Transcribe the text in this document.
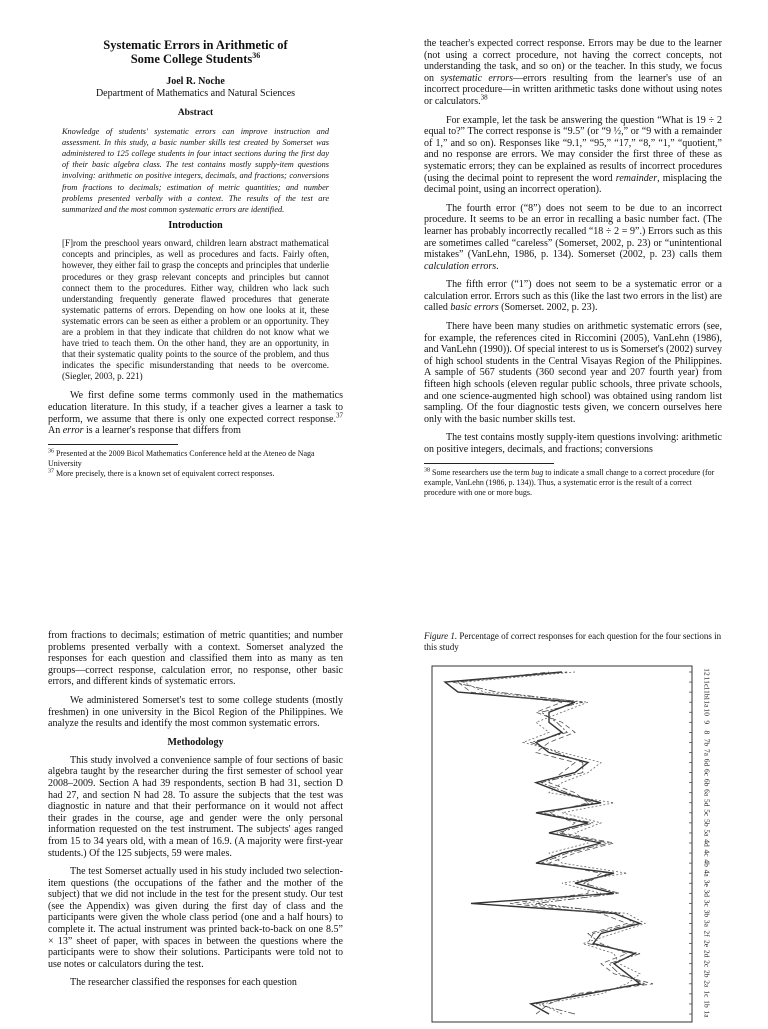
Systematic Errors in Arithmetic of
Some College Students$^{36}$
Joel R. Noche
Department of Mathematics and Natural Sciences
Abstract
Knowledge of students' systematic errors can improve instruction and assessment. In this study, a basic number skills test created by Somerset was administered to 125 college students in four intact sections during the first day of their basic algebra class. The test contains mostly supply-item questions involving: arithmetic on positive integers, decimals, and fractions; conversions from fractions to decimals; estimation of metric quantities; and number problems presented verbally with a context. The results of the test are summarized and the most common systematic errors are identified.
Introduction
[F]rom the preschool years onward, children learn abstract mathematical concepts and principles, as well as procedures and facts. Fairly often, however, they either fail to grasp the concepts and principles that underlie procedures or they grasp relevant concepts and principles but cannot connect them to the procedures. Either way, children who lack such understanding frequently generate flawed procedures that generate systematic patterns of errors. Depending on how one looks at it, these systematic errors can be seen as either a problem or an opportunity. They are a problem in that they indicate that children do not know what we have tried to teach them. On the other hand, they are an opportunity, in that their systematic quality points to the source of the problem, and thus indicates the specific misunderstanding that needs to be overcome. (Siegler, 2003, p. 221)

We first define some terms commonly used in the mathematics education literature. In this study, if a teacher gives a learner a task to perform, we assume that there is only one expected correct response.$^{37}$ An error is a learner's response that differs from

$^{36}$ Presented at the 2009 Bicol Mathematics Conference held at the Ateneo de Naga University
$^{37}$ More precisely, there is a known set of equivalent correct responses.

the teacher's expected correct response. Errors may be due to the learner (not using a correct procedure, not having the correct concepts, not understanding the task, and so on) or the teacher. In this study, we focus on systematic errors—errors resulting from the learner's use of an incorrect procedure—in written arithmetic tasks done without using notes or calculators.$^{38}$

For example, let the task be answering the question “What is 19 ÷ 2 equal to?” The correct response is “9.5” (or “9 ½,” or “9 with a remainder of 1,” and so on). Responses like “9.1,” “95,” “17,” “8,” “1,” “quotient,” and no response are errors. We may consider the first three of these as systematic errors; they can be explained as results of incorrect procedures (using the decimal point to represent the word remainder, misplacing the decimal point, using an incorrect operation).

The fourth error (“8”) does not seem to be due to an incorrect procedure. It seems to be an error in recalling a basic number fact. (The learner has probably incorrectly recalled “18 ÷ 2 = 9”.) Errors such as this are sometimes called “careless” (Somerset, 2002, p. 23) or “unintentional mistakes” (VanLehn, 1986, p. 134). Somerset (2002, p. 23) calls them calculation errors.

The fifth error (“1”) does not seem to be a systematic error or a calculation error. Errors such as this (like the last two errors in the list) are called basic errors (Somerset. 2002, p. 23).

There have been many studies on arithmetic systematic errors (see, for example, the references cited in Riccomini (2005), VanLehn (1986), and VanLehn (1990)). Of special interest to us is Somerset's (2002) survey of high school students in the Central Visayas Region of the Philippines. A sample of 567 students (360 second year and 207 fourth year) from fifteen high schools (eleven regular public schools, three private schools, and one science-augmented high school) was obtained using random list sampling. Of the four diagnostic tests given, we concern ourselves here only with the basic number skills test.

The test contains mostly supply-item questions involving: arithmetic on positive integers, decimals, and fractions; conversions

$^{38}$ Some researchers use the term bug to indicate a small change to a correct procedure (for example, VanLehn (1986, p. 134)). Thus, a systematic error is the result of a correct procedure with one or more bugs.

from fractions to decimals; estimation of metric quantities; and number problems presented verbally with a context. Somerset analyzed the responses for each question and classified them into as many as ten groups—correct response, calculation error, no response, other basic errors, and different kinds of systematic errors.

We administered Somerset's test to some college students (mostly freshmen) in one university in the Bicol Region of the Philippines. We analyze the results and identify the most common systematic errors.

Methodology

This study involved a convenience sample of four sections of basic algebra taught by the researcher during the first semester of school year 2008–2009. Section A had 39 respondents, section B had 31, section D had 27, and section N had 28. To assure the subjects that the test was diagnostic in nature and that their performance on it would not affect their grades in the course, age and gender were the only personal information requested on the test instrument. The subjects' ages ranged from 15 to 34 years old, with a mean of 16.9. (A majority were first-year students.) Of the 125 subjects, 59 were males.

The test Somerset actually used in his study included two selection-item questions (the occupations of the father and the mother of the subject) that we did not include in the test for the present study. Our test (see the Appendix) was given during the first day of class and the participants were given the whole class period (one and a half hours) to complete it. The actual instrument was printed back-to-back on one 8.5” × 13” sheet of paper, with spaces in between the questions where the participants were to show their solutions. Participants were told not to use notes or calculators during the test.

The researcher classified the responses for each question

Figure 1. Percentage of correct responses for each question for the four sections in this study
1a
1b
1c
2a
2b
2c
2d
2e
2f
3a
3b
3c
3d
3e
4a
4b
4c
4d
5a
5b
5c
5d
6a
6b
6c
6d
7a
7b
8
9
10
11a
11b
11c
12
